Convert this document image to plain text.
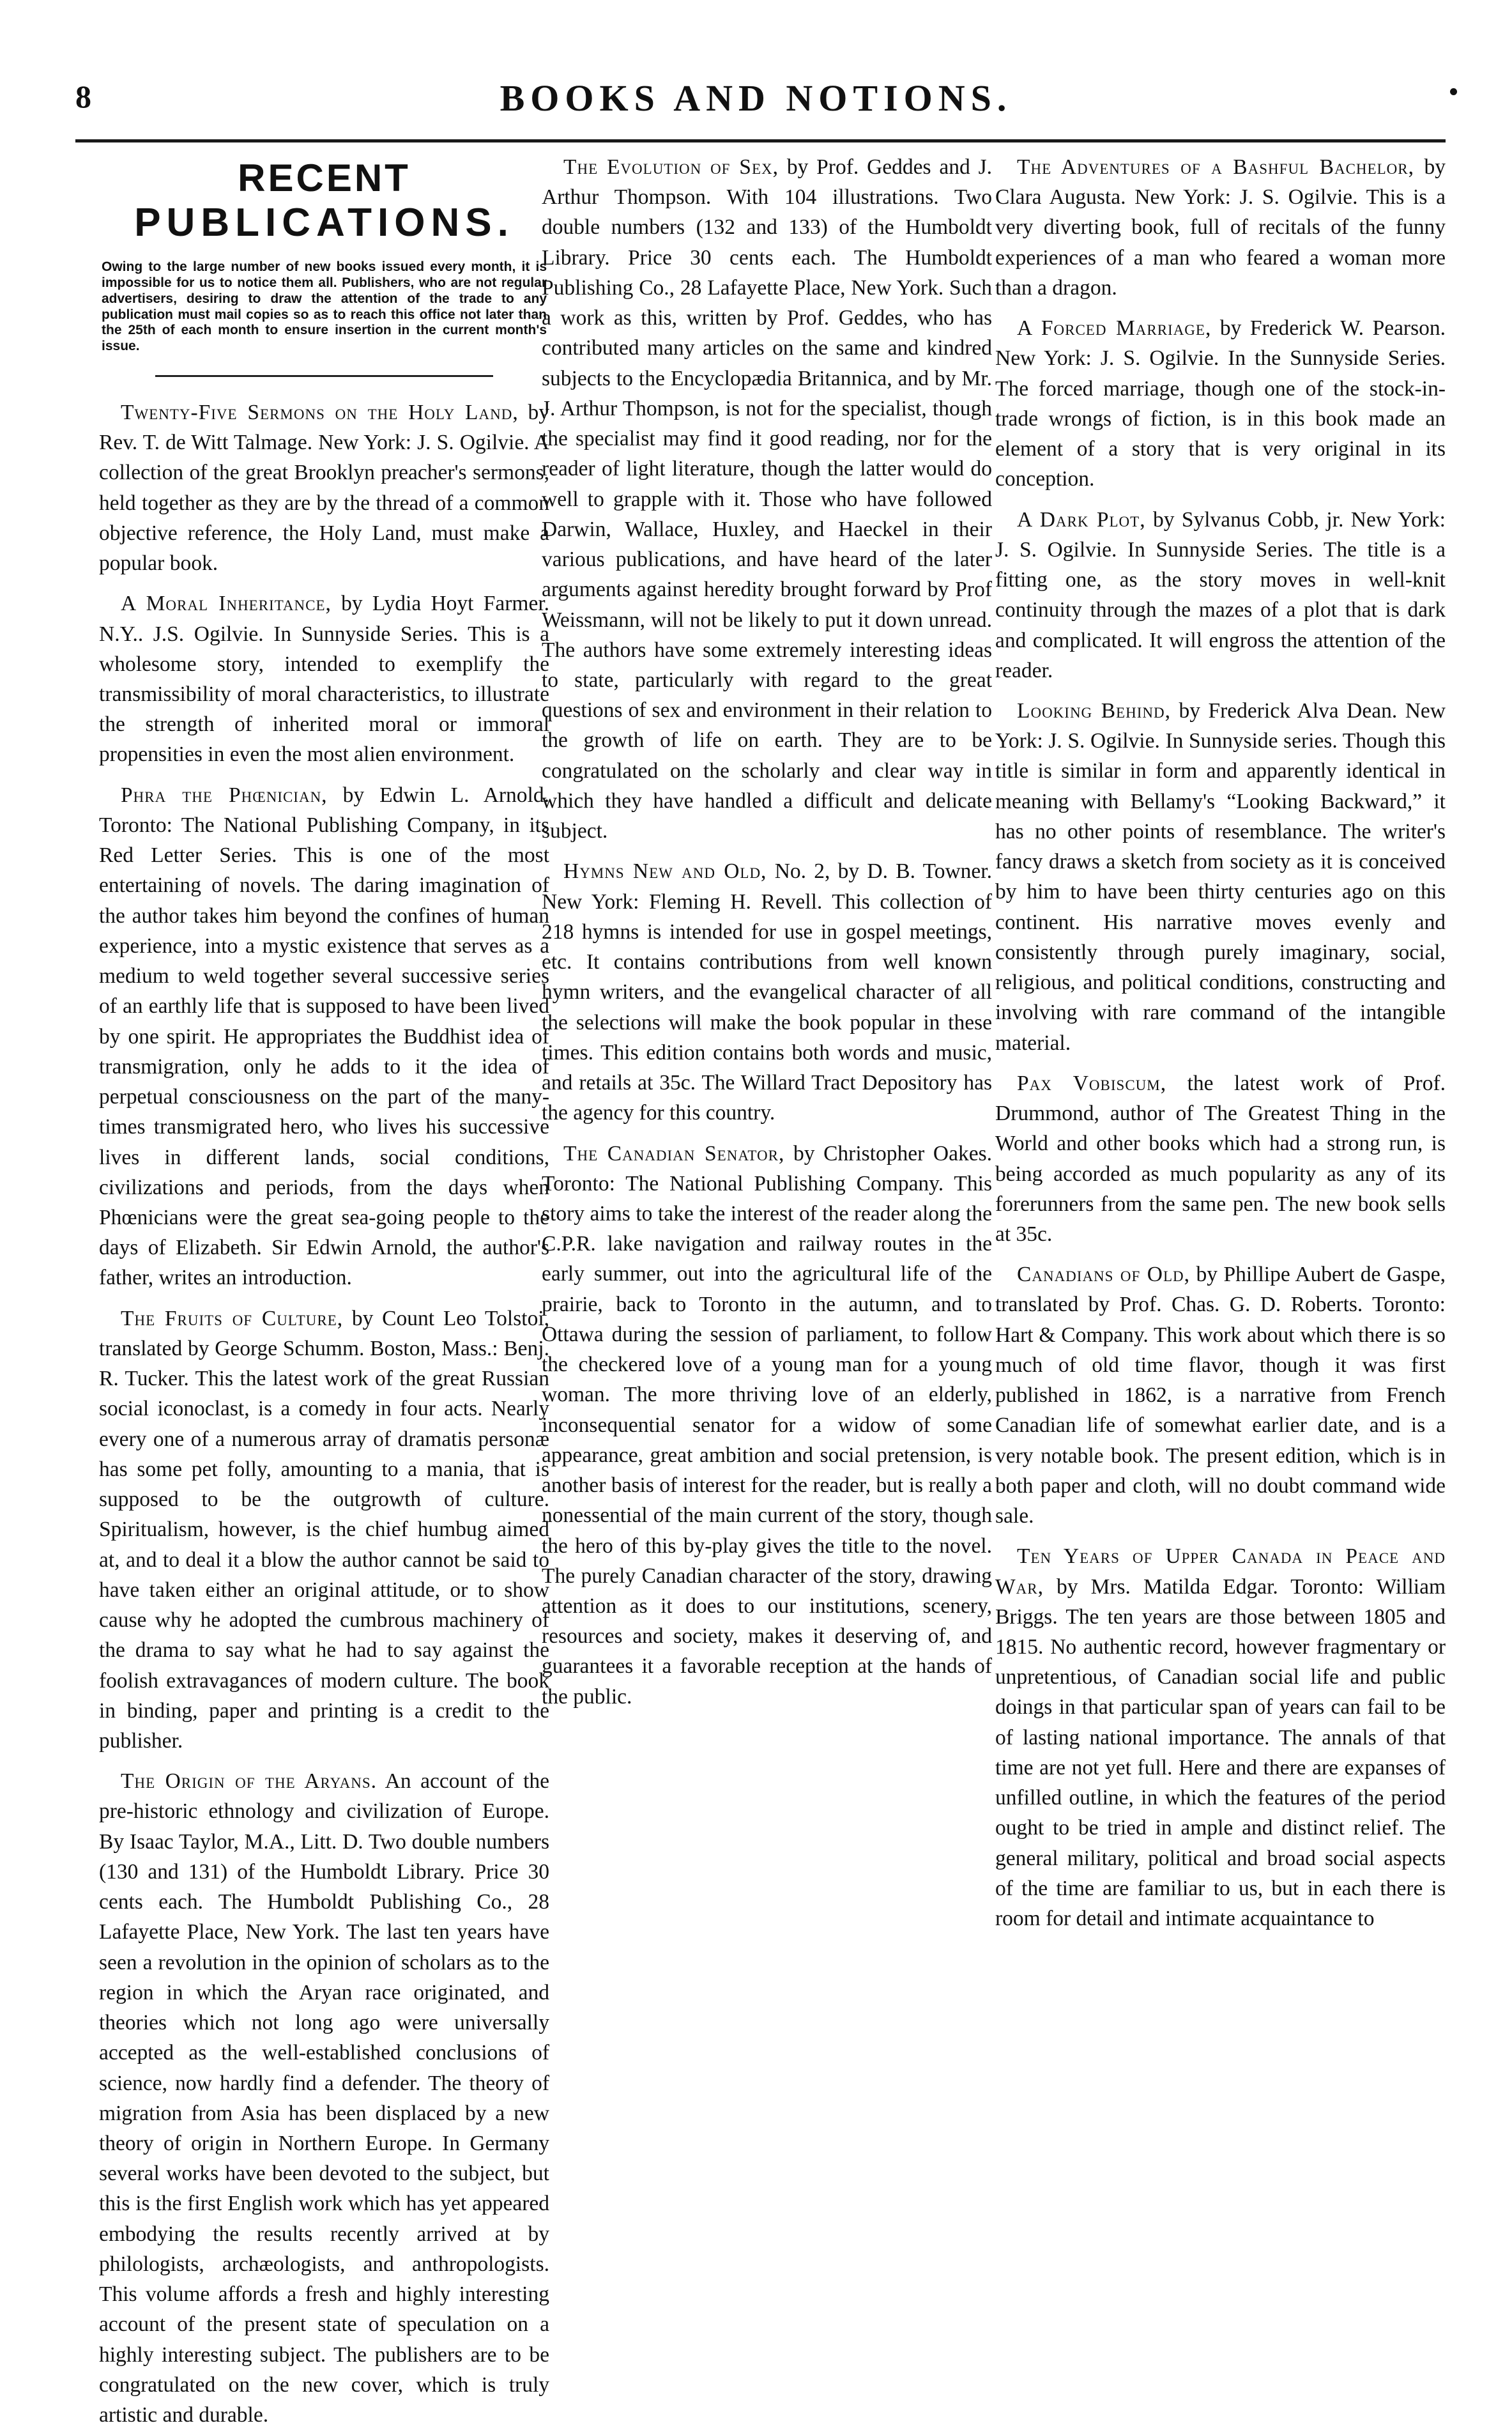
8	BOOKS AND NOTIONS.
RECENT
PUBLICATIONS.
Owing to the large number of new books issued every month, it is impossible for us to notice them all. Publishers, who are not regular advertisers, desiring to draw the attention of the trade to any publication must mail copies so as to reach this office not later than the 25th of each month to ensure insertion in the current month's issue.

Twenty-Five Sermons on the Holy Land, by Rev. T. de Witt Talmage. New York: J. S. Ogilvie. A collection of the great Brooklyn preacher's sermons, held together as they are by the thread of a common objective reference, the Holy Land, must make a popular book.

A Moral Inheritance, by Lydia Hoyt Farmer. N.Y.. J.S. Ogilvie. In Sunnyside Series. This is a wholesome story, intended to exemplify the transmissibility of moral characteristics, to illustrate the strength of inherited moral or immoral propensities in even the most alien environment.

Phra the Phœnician, by Edwin L. Arnold. Toronto: The National Publishing Company, in its Red Letter Series. This is one of the most entertaining of novels. The daring imagination of the author takes him beyond the confines of human experience, into a mystic existence that serves as a medium to weld together several successive series of an earthly life that is supposed to have been lived by one spirit. He appropriates the Buddhist idea of transmigration, only he adds to it the idea of perpetual consciousness on the part of the many-times transmigrated hero, who lives his successive lives in different lands, social conditions, civilizations and periods, from the days when Phœnicians were the great sea-going people to the days of Elizabeth. Sir Edwin Arnold, the author's father, writes an introduction.

The Fruits of Culture, by Count Leo Tolstoi, translated by George Schumm. Boston, Mass.: Benj. R. Tucker. This the latest work of the great Russian social iconoclast, is a comedy in four acts. Nearly every one of a numerous array of dramatis personæ has some pet folly, amounting to a mania, that is supposed to be the outgrowth of culture. Spiritualism, however, is the chief humbug aimed at, and to deal it a blow the author cannot be said to have taken either an original attitude, or to show cause why he adopted the cumbrous machinery of the drama to say what he had to say against the foolish extravagances of modern culture. The book in binding, paper and printing is a credit to the publisher.

The Origin of the Aryans. An account of the pre-historic ethnology and civilization of Europe. By Isaac Taylor, M.A., Litt. D. Two double numbers (130 and 131) of the Humboldt Library. Price 30 cents each. The Humboldt Publishing Co., 28 Lafayette Place, New York. The last ten years have seen a revolution in the opinion of scholars as to the region in which the Aryan race originated, and theories which not long ago were universally accepted as the well-established conclusions of science, now hardly find a defender. The theory of migration from Asia has been displaced by a new theory of origin in Northern Europe. In Germany several works have been devoted to the subject, but this is the first English work which has yet appeared embodying the results recently arrived at by philologists, archæologists, and anthropologists. This volume affords a fresh and highly interesting account of the present state of speculation on a highly interesting subject. The publishers are to be congratulated on the new cover, which is truly artistic and durable.

The Evolution of Sex, by Prof. Geddes and J. Arthur Thompson. With 104 illustrations. Two double numbers (132 and 133) of the Humboldt Library. Price 30 cents each. The Humboldt Publishing Co., 28 Lafayette Place, New York. Such a work as this, written by Prof. Geddes, who has contributed many articles on the same and kindred subjects to the Encyclopædia Britannica, and by Mr. J. Arthur Thompson, is not for the specialist, though the specialist may find it good reading, nor for the reader of light literature, though the latter would do well to grapple with it. Those who have followed Darwin, Wallace, Huxley, and Haeckel in their various publications, and have heard of the later arguments against heredity brought forward by Prof Weissmann, will not be likely to put it down unread. The authors have some extremely interesting ideas to state, particularly with regard to the great questions of sex and environment in their relation to the growth of life on earth. They are to be congratulated on the scholarly and clear way in which they have handled a difficult and delicate subject.

Hymns New and Old, No. 2, by D. B. Towner. New York: Fleming H. Revell. This collection of 218 hymns is intended for use in gospel meetings, etc. It contains contributions from well known hymn writers, and the evangelical character of all the selections will make the book popular in these times. This edition contains both words and music, and retails at 35c. The Willard Tract Depository has the agency for this country.

The Canadian Senator, by Christopher Oakes. Toronto: The National Publishing Company. This story aims to take the interest of the reader along the C.P.R. lake navigation and railway routes in the early summer, out into the agricultural life of the prairie, back to Toronto in the autumn, and to Ottawa during the session of parliament, to follow the checkered love of a young man for a young woman. The more thriving love of an elderly, inconsequential senator for a widow of some appearance, great ambition and social pretension, is another basis of interest for the reader, but is really a nonessential of the main current of the story, though the hero of this by-play gives the title to the novel. The purely Canadian character of the story, drawing attention as it does to our institutions, scenery, resources and society, makes it deserving of, and guarantees it a favorable reception at the hands of the public.

The Adventures of a Bashful Bachelor, by Clara Augusta. New York: J. S. Ogilvie. This is a very diverting book, full of recitals of the funny experiences of a man who feared a woman more than a dragon.

A Forced Marriage, by Frederick W. Pearson. New York: J. S. Ogilvie. In the Sunnyside Series. The forced marriage, though one of the stock-in-trade wrongs of fiction, is in this book made an element of a story that is very original in its conception.

A Dark Plot, by Sylvanus Cobb, jr. New York: J. S. Ogilvie. In Sunnyside Series. The title is a fitting one, as the story moves in well-knit continuity through the mazes of a plot that is dark and complicated. It will engross the attention of the reader.

Looking Behind, by Frederick Alva Dean. New York: J. S. Ogilvie. In Sunnyside series. Though this title is similar in form and apparently identical in meaning with Bellamy's “Looking Backward,” it has no other points of resemblance. The writer's fancy draws a sketch from society as it is conceived by him to have been thirty centuries ago on this continent. His narrative moves evenly and consistently through purely imaginary, social, religious, and political conditions, constructing and involving with rare command of the intangible material.

Pax Vobiscum, the latest work of Prof. Drummond, author of The Greatest Thing in the World and other books which had a strong run, is being accorded as much popularity as any of its forerunners from the same pen. The new book sells at 35c.

Canadians of Old, by Phillipe Aubert de Gaspe, translated by Prof. Chas. G. D. Roberts. Toronto: Hart & Company. This work about which there is so much of old time flavor, though it was first published in 1862, is a narrative from French Canadian life of somewhat earlier date, and is a very notable book. The present edition, which is in both paper and cloth, will no doubt command wide sale.

Ten Years of Upper Canada in Peace and War, by Mrs. Matilda Edgar. Toronto: William Briggs. The ten years are those between 1805 and 1815. No authentic record, however fragmentary or unpretentious, of Canadian social life and public doings in that particular span of years can fail to be of lasting national importance. The annals of that time are not yet full. Here and there are expanses of unfilled outline, in which the features of the period ought to be tried in ample and distinct relief. The general military, political and broad social aspects of the time are familiar to us, but in each there is room for detail and intimate acquaintance to
